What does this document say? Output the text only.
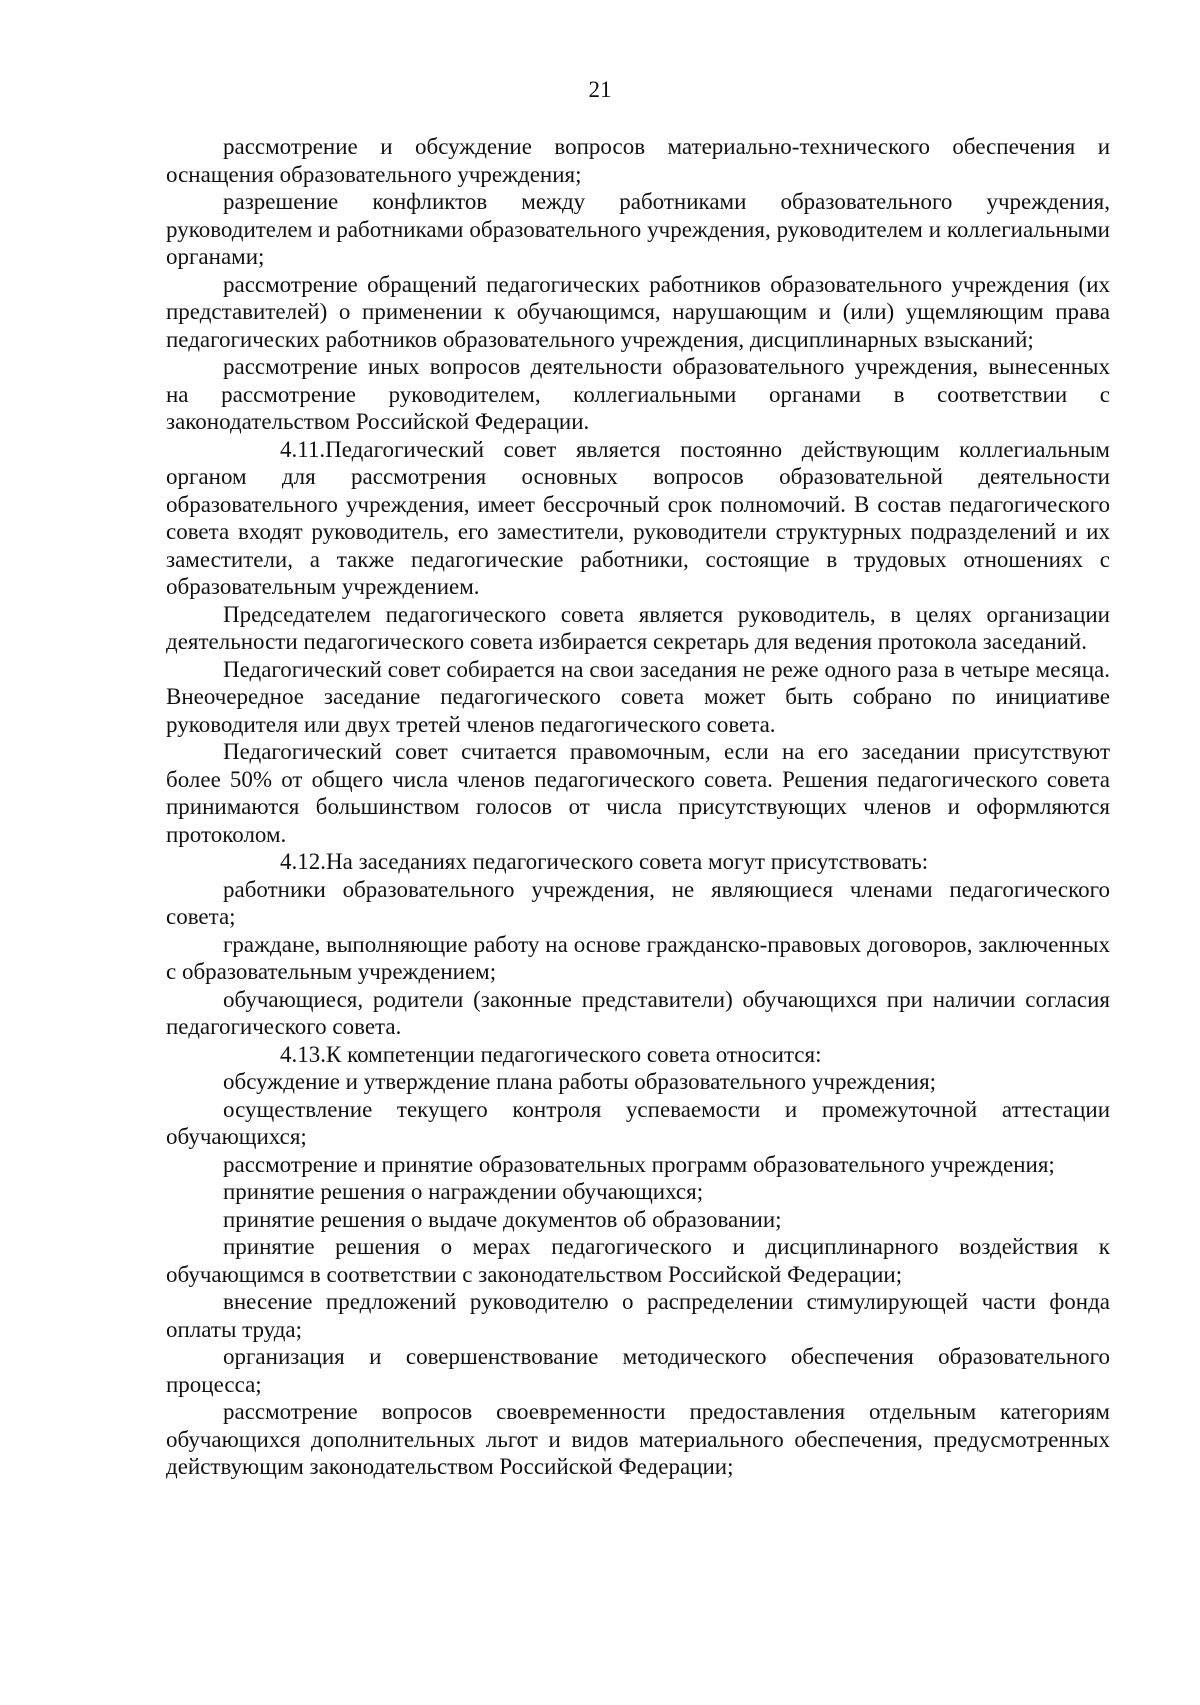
21

рассмотрение и обсуждение вопросов материально-технического обеспечения и оснащения образовательного учреждения;

разрешение конфликтов между работниками образовательного учреждения, руководителем и работниками образовательного учреждения, руководителем и коллегиальными органами;

рассмотрение обращений педагогических работников образовательного учреждения (их представителей) о применении к обучающимся, нарушающим и (или) ущемляющим права педагогических работников образовательного учреждения, дисциплинарных взысканий;

рассмотрение иных вопросов деятельности образовательного учреждения, вынесенных на рассмотрение руководителем, коллегиальными органами в соответствии с законодательством Российской Федерации.

4.11.Педагогический совет является постоянно действующим коллегиальным органом для рассмотрения основных вопросов образовательной деятельности образовательного учреждения, имеет бессрочный срок полномочий. В состав педагогического совета входят руководитель, его заместители, руководители структурных подразделений и их заместители, а также педагогические работники, состоящие в трудовых отношениях с образовательным учреждением.

Председателем педагогического совета является руководитель, в целях организации деятельности педагогического совета избирается секретарь для ведения протокола заседаний.

Педагогический совет собирается на свои заседания не реже одного раза в четыре месяца. Внеочередное заседание педагогического совета может быть собрано по инициативе руководителя или двух третей членов педагогического совета.

Педагогический совет считается правомочным, если на его заседании присутствуют более 50% от общего числа членов педагогического совета. Решения педагогического совета принимаются большинством голосов от числа присутствующих членов и оформляются протоколом.

4.12.На заседаниях педагогического совета могут присутствовать:

работники образовательного учреждения, не являющиеся членами педагогического совета;

граждане, выполняющие работу на основе гражданско-правовых договоров, заключенных с образовательным учреждением;

обучающиеся, родители (законные представители) обучающихся при наличии согласия педагогического совета.

4.13.К компетенции педагогического совета относится:

обсуждение и утверждение плана работы образовательного учреждения;

осуществление текущего контроля успеваемости и промежуточной аттестации обучающихся;

рассмотрение и принятие образовательных программ образовательного учреждения;

принятие решения о награждении обучающихся;

принятие решения о выдаче документов об образовании;

принятие решения о мерах педагогического и дисциплинарного воздействия к обучающимся в соответствии с законодательством Российской Федерации;

внесение предложений руководителю о распределении стимулирующей части фонда оплаты труда;

организация и совершенствование методического обеспечения образовательного процесса;

рассмотрение вопросов своевременности предоставления отдельным категориям обучающихся дополнительных льгот и видов материального обеспечения, предусмотренных действующим законодательством Российской Федерации;
